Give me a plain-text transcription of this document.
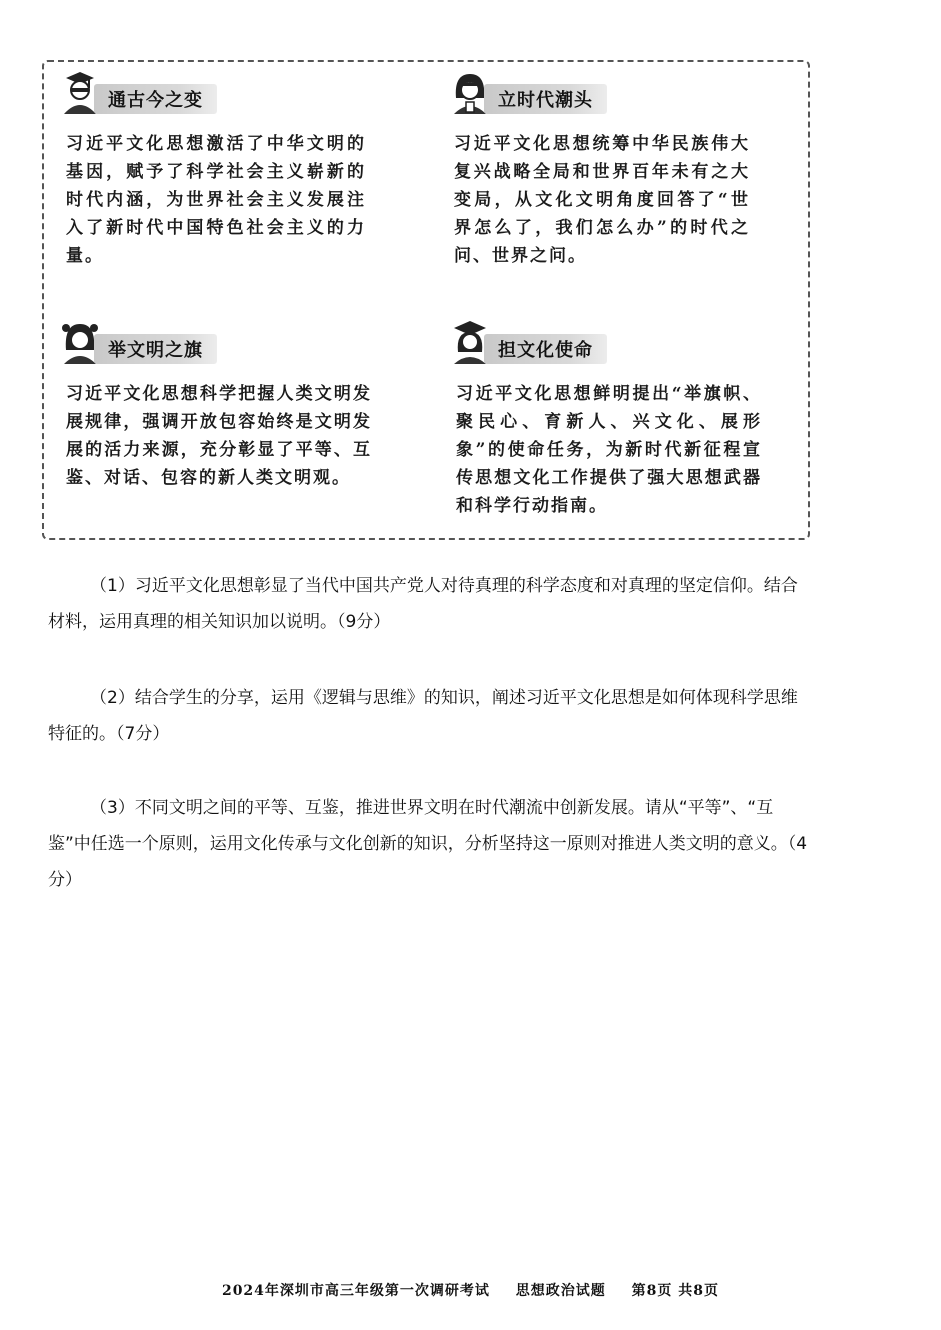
通古今之变
习近平文化思想激活了中华文明的基因，赋予了科学社会主义崭新的时代内涵，为世界社会主义发展注入了新时代中国特色社会主义的力量。
立时代潮头
习近平文化思想统筹中华民族伟大复兴战略全局和世界百年未有之大变局，从文化文明角度回答了“世界怎么了，我们怎么办”的时代之问、世界之问。
举文明之旗
习近平文化思想科学把握人类文明发展规律，强调开放包容始终是文明发展的活力来源，充分彰显了平等、互鉴、对话、包容的新人类文明观。
担文化使命
习近平文化思想鲜明提出“举旗帜、聚民心、育新人、兴文化、展形象”的使命任务，为新时代新征程宣传思想文化工作提供了强大思想武器和科学行动指南。
（1）习近平文化思想彰显了当代中国共产党人对待真理的科学态度和对真理的坚定信仰。结合材料，运用真理的相关知识加以说明。（9分）
（2）结合学生的分享，运用《逻辑与思维》的知识，阐述习近平文化思想是如何体现科学思维特征的。（7分）
（3）不同文明之间的平等、互鉴，推进世界文明在时代潮流中创新发展。请从“平等”、“互鉴”中任选一个原则，运用文化传承与文化创新的知识，分析坚持这一原则对推进人类文明的意义。（4分）
2024年深圳市高三年级第一次调研考试 思想政治试题 第8页 共8页
